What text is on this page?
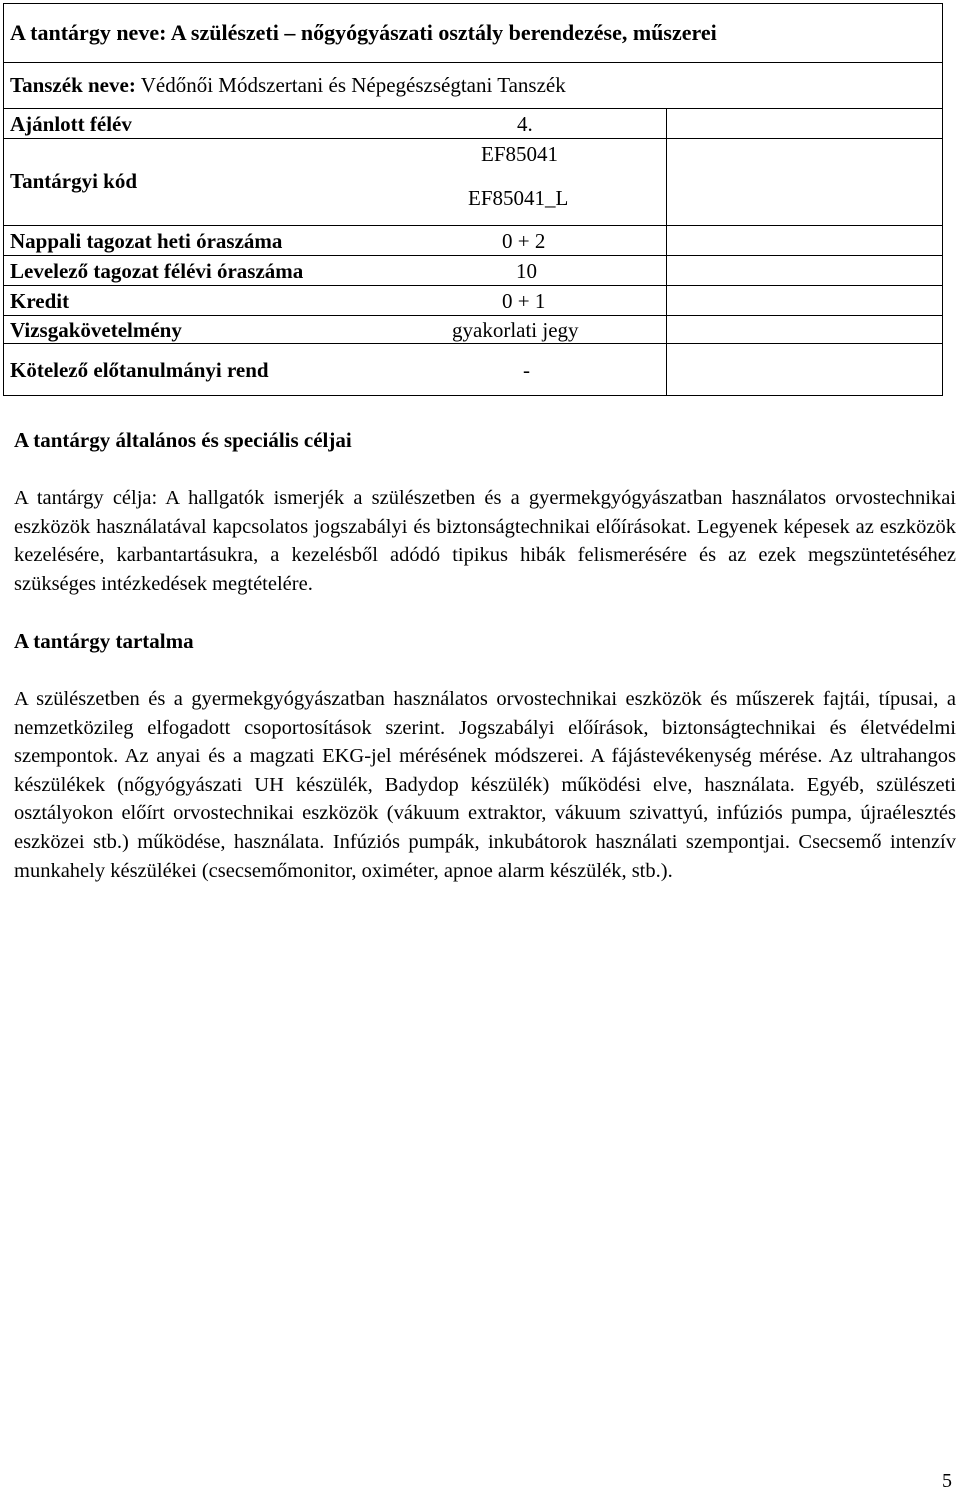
A tantárgy neve: A szülészeti – nőgyógyászati osztály berendezése, műszerei
Tanszék neve: Védőnői Módszertani és Népegészségtani Tanszék
Ajánlott félév	4.
Tantárgyi kód
EF85041
EF85041_L
Nappali tagozat heti óraszáma	0 + 2
Levelező tagozat félévi óraszáma	10
Kredit	0 + 1
Vizsgakövetelmény	gyakorlati jegy
Kötelező előtanulmányi rend	-
A tantárgy általános és speciális céljai
A tantárgy célja: A hallgatók ismerjék a szülészetben és a gyermekgyógyászatban használatos orvostechnikai eszközök használatával kapcsolatos jogszabályi és biztonságtechnikai előírásokat. Legyenek képesek az eszközök kezelésére, karbantartásukra, a kezelésből adódó tipikus hibák felismerésére és az ezek megszüntetéséhez szükséges intézkedések megtételére.
A tantárgy tartalma
A szülészetben és a gyermekgyógyászatban használatos orvostechnikai eszközök és műszerek fajtái, típusai, a nemzetközileg elfogadott csoportosítások szerint. Jogszabályi előírások, biztonságtechnikai és életvédelmi szempontok. Az anyai és a magzati EKG-jel mérésének módszerei. A fájástevékenység mérése. Az ultrahangos készülékek (nőgyógyászati UH készülék, Badydop készülék) működési elve, használata. Egyéb, szülészeti osztályokon előírt orvostechnikai eszközök (vákuum extraktor, vákuum szivattyú, infúziós pumpa, újraélesztés eszközei stb.) működése, használata. Infúziós pumpák, inkubátorok használati szempontjai. Csecsemő intenzív munkahely készülékei (csecsemőmonitor, oximéter, apnoe alarm készülék, stb.).
5
